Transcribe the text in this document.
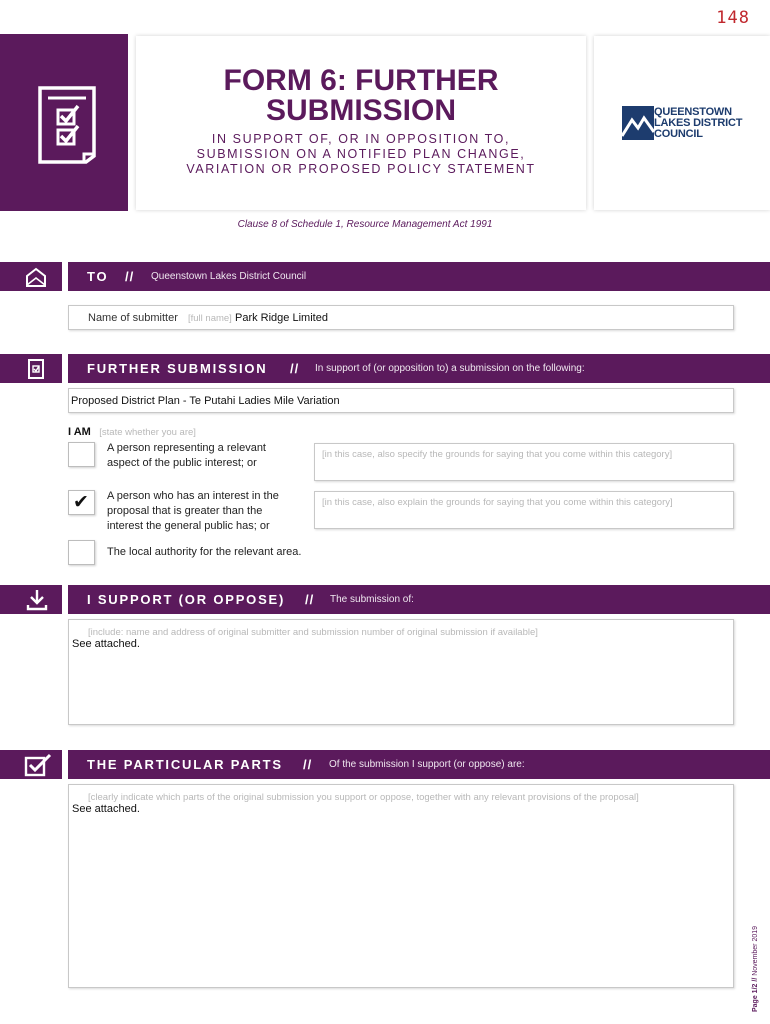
148
FORM 6: FURTHER
SUBMISSION
IN SUPPORT OF, OR IN OPPOSITION TO,
SUBMISSION ON A NOTIFIED PLAN CHANGE,
VARIATION OR PROPOSED POLICY STATEMENT
QUEENSTOWN
LAKES DISTRICT
COUNCIL
Clause 8 of Schedule 1, Resource Management Act 1991
TO // Queenstown Lakes District Council
Name of submitter [full name] Park Ridge Limited
FURTHER SUBMISSION // In support of (or opposition to) a submission on the following:
Proposed District Plan - Te Putahi Ladies Mile Variation
I AM [state whether you are]
A person representing a relevant
aspect of the public interest; or
[in this case, also specify the grounds for saying that you come within this category]
✔ A person who has an interest in the
proposal that is greater than the
interest the general public has; or
[in this case, also explain the grounds for saying that you come within this category]
The local authority for the relevant area.
I SUPPORT (OR OPPOSE) // The submission of:
[include: name and address of original submitter and submission number of original submission if available]
See attached.
THE PARTICULAR PARTS // Of the submission I support (or oppose) are:
[clearly indicate which parts of the original submission you support or oppose, together with any relevant provisions of the proposal]
See attached.
Page 1/2 // November 2019
